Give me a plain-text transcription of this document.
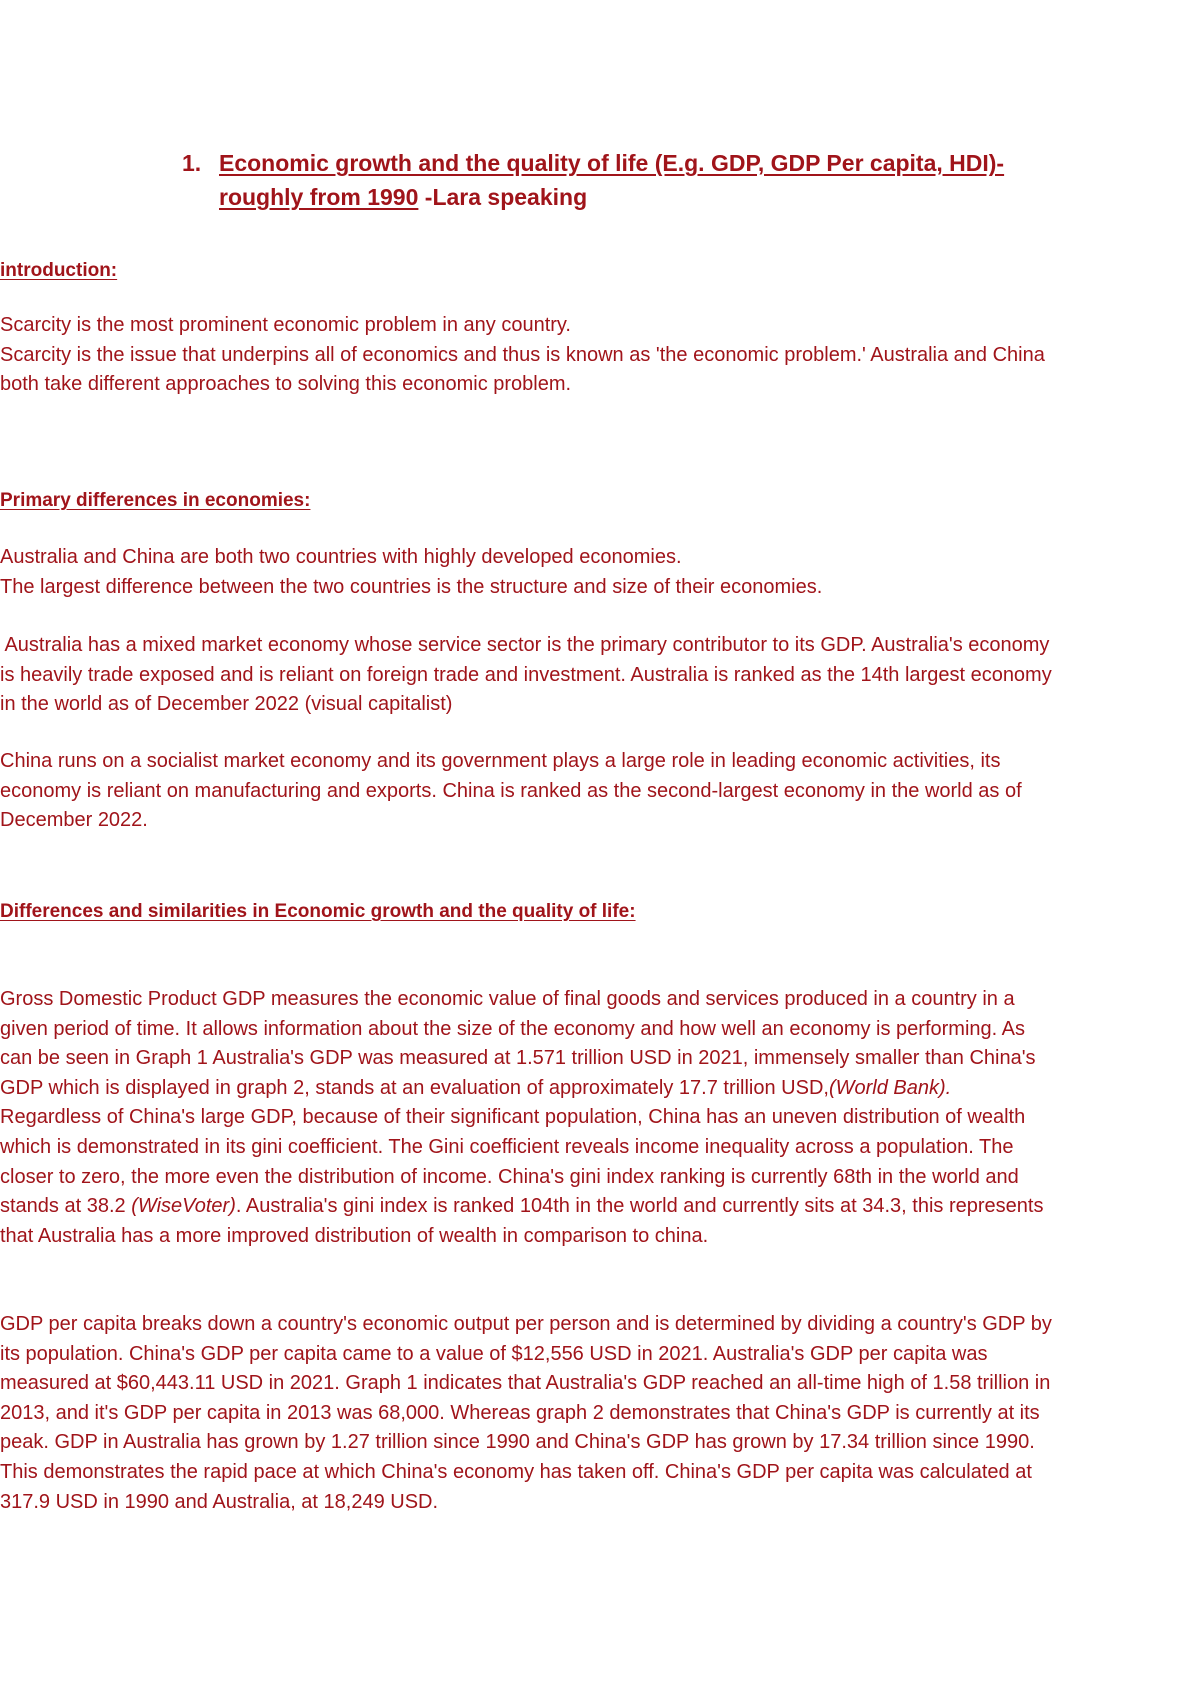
1. Economic growth and the quality of life (E.g. GDP, GDP Per capita, HDI)-
roughly from 1990 -Lara speaking
introduction:
Scarcity is the most prominent economic problem in any country.
Scarcity is the issue that underpins all of economics and thus is known as 'the economic problem.' Australia and China
both take different approaches to solving this economic problem.
Primary differences in economies:
Australia and China are both two countries with highly developed economies.
The largest difference between the two countries is the structure and size of their economies.
Australia has a mixed market economy whose service sector is the primary contributor to its GDP. Australia's economy
is heavily trade exposed and is reliant on foreign trade and investment. Australia is ranked as the 14th largest economy
in the world as of December 2022 (visual capitalist)
China runs on a socialist market economy and its government plays a large role in leading economic activities, its
economy is reliant on manufacturing and exports. China is ranked as the second-largest economy in the world as of
December 2022.
Differences and similarities in Economic growth and the quality of life:
Gross Domestic Product GDP measures the economic value of final goods and services produced in a country in a
given period of time. It allows information about the size of the economy and how well an economy is performing. As
can be seen in Graph 1 Australia's GDP was measured at 1.571 trillion USD in 2021, immensely smaller than China's
GDP which is displayed in graph 2, stands at an evaluation of approximately 17.7 trillion USD,(World Bank).
Regardless of China's large GDP, because of their significant population, China has an uneven distribution of wealth
which is demonstrated in its gini coefficient. The Gini coefficient reveals income inequality across a population. The
closer to zero, the more even the distribution of income. China's gini index ranking is currently 68th in the world and
stands at 38.2 (WiseVoter). Australia's gini index is ranked 104th in the world and currently sits at 34.3, this represents
that Australia has a more improved distribution of wealth in comparison to china.
GDP per capita breaks down a country's economic output per person and is determined by dividing a country's GDP by
its population. China's GDP per capita came to a value of $12,556 USD in 2021. Australia's GDP per capita was
measured at $60,443.11 USD in 2021. Graph 1 indicates that Australia's GDP reached an all-time high of 1.58 trillion in
2013, and it's GDP per capita in 2013 was 68,000. Whereas graph 2 demonstrates that China's GDP is currently at its
peak. GDP in Australia has grown by 1.27 trillion since 1990 and China's GDP has grown by 17.34 trillion since 1990.
This demonstrates the rapid pace at which China's economy has taken off. China's GDP per capita was calculated at
317.9 USD in 1990 and Australia, at 18,249 USD.
